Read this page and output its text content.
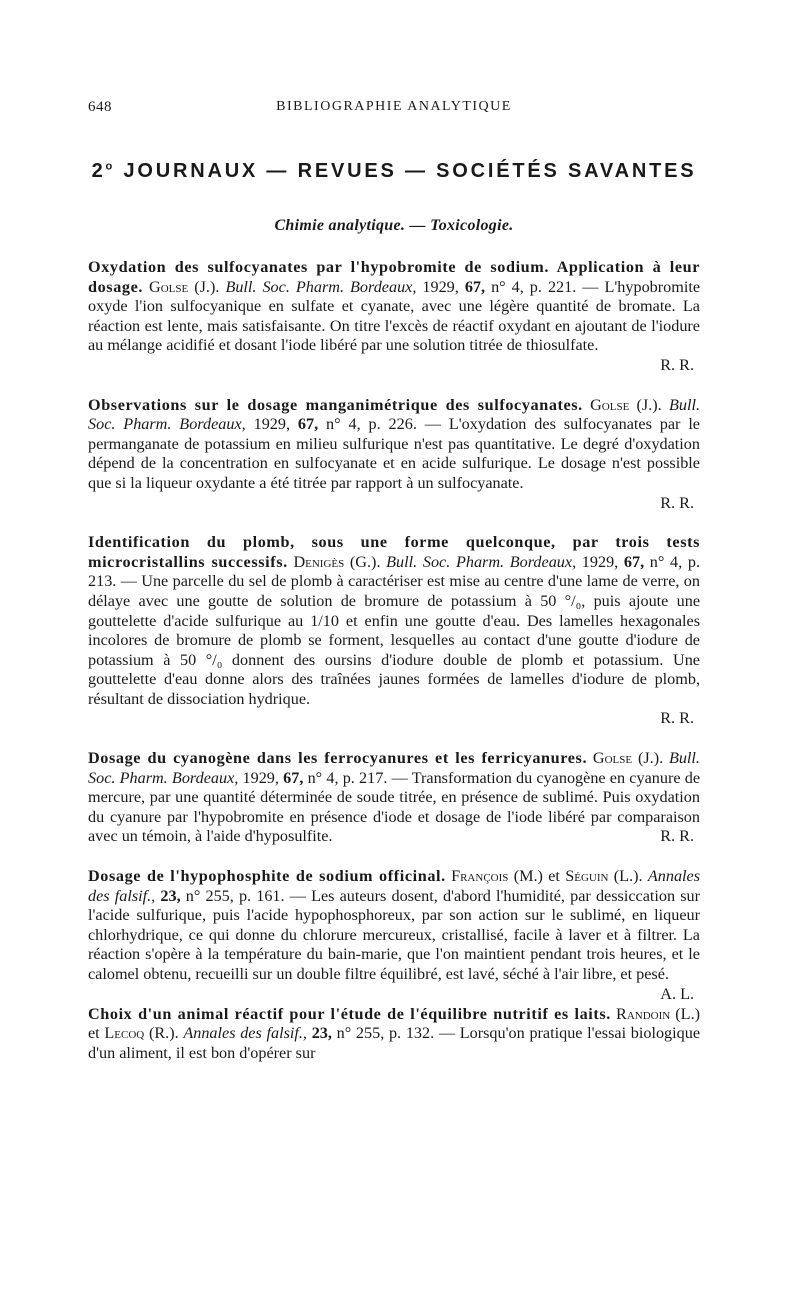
648	BIBLIOGRAPHIE ANALYTIQUE
2$^o$ JOURNAUX — REVUES — SOCIÉTÉS SAVANTES
Chimie analytique. — Toxicologie.

Oxydation des sulfocyanates par l'hypobromite de sodium. Application à leur dosage. Golse (J.). Bull. Soc. Pharm. Bordeaux, 1929, 67, n° 4, p. 221. — L'hypobromite oxyde l'ion sulfocyanique en sulfate et cyanate, avec une légère quantité de bromate. La réaction est lente, mais satisfaisante. On titre l'excès de réactif oxydant en ajoutant de l'iodure au mélange acidifié et dosant l'iode libéré par une solution titrée de thiosulfate.
R. R.

Observations sur le dosage manganimétrique des sulfocyanates. Golse (J.). Bull. Soc. Pharm. Bordeaux, 1929, 67, n° 4, p. 226. — L'oxydation des sulfocyanates par le permanganate de potassium en milieu sulfurique n'est pas quantitative. Le degré d'oxydation dépend de la concentration en sulfocyanate et en acide sulfurique. Le dosage n'est possible que si la liqueur oxydante a été titrée par rapport à un sulfocyanate.
R. R.

Identification du plomb, sous une forme quelconque, par trois tests microcristallins successifs. Denigès (G.). Bull. Soc. Pharm. Bordeaux, 1929, 67, n° 4, p. 213. — Une parcelle du sel de plomb à caractériser est mise au centre d'une lame de verre, on délaye avec une goutte de solution de bromure de potassium à 50 °/₀, puis ajoute une gouttelette d'acide sulfurique au 1/10 et enfin une goutte d'eau. Des lamelles hexagonales incolores de bromure de plomb se forment, lesquelles au contact d'une goutte d'iodure de potassium à 50 °/₀ donnent des oursins d'iodure double de plomb et potassium. Une gouttelette d'eau donne alors des traînées jaunes formées de lamelles d'iodure de plomb, résultant de dissociation hydrique.
R. R.

Dosage du cyanogène dans les ferrocyanures et les ferricyanures. Golse (J.). Bull. Soc. Pharm. Bordeaux, 1929, 67, n° 4, p. 217. — Transformation du cyanogène en cyanure de mercure, par une quantité déterminée de soude titrée, en présence de sublimé. Puis oxydation du cyanure par l'hypobromite en présence d'iode et dosage de l'iode libéré par comparaison avec un témoin, à l'aide d'hyposulfite.	R. R.

Dosage de l'hypophosphite de sodium officinal. François (M.) et Séguin (L.). Annales des falsif., 23, n° 255, p. 161. — Les auteurs dosent, d'abord l'humidité, par dessiccation sur l'acide sulfurique, puis l'acide hypophosphoreux, par son action sur le sublimé, en liqueur chlorhydrique, ce qui donne du chlorure mercureux, cristallisé, facile à laver et à filtrer. La réaction s'opère à la température du bain-marie, que l'on maintient pendant trois heures, et le calomel obtenu, recueilli sur un double filtre équilibré, est lavé, séché à l'air libre, et pesé.
A. L.

Choix d'un animal réactif pour l'étude de l'équilibre nutritif es laits. Randoin (L.) et Lecoq (R.). Annales des falsif., 23, n° 255, p. 132. — Lorsqu'on pratique l'essai biologique d'un aliment, il est bon d'opérer sur
